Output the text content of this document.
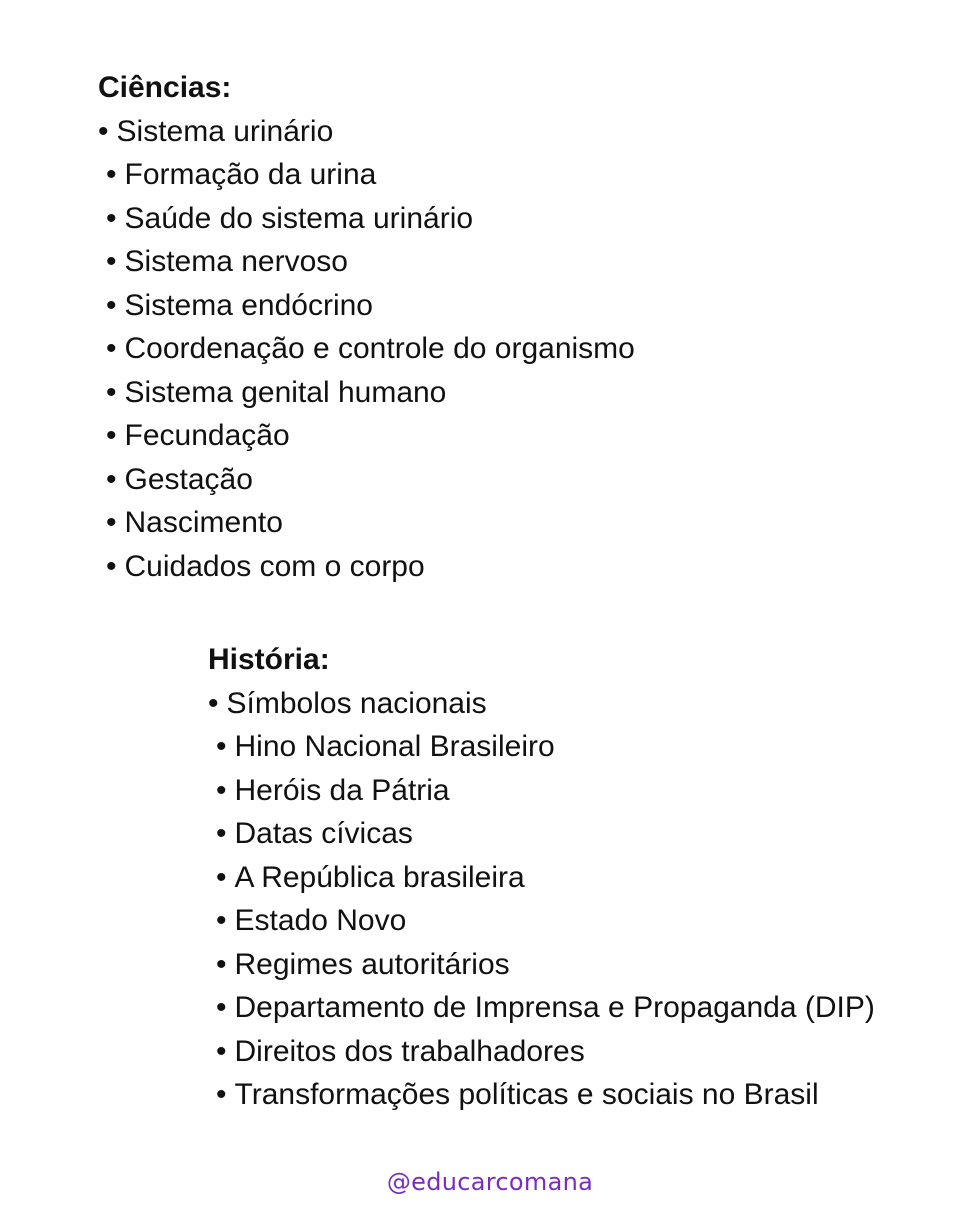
Ciências:
• Sistema urinário
• Formação da urina
• Saúde do sistema urinário
• Sistema nervoso
• Sistema endócrino
• Coordenação e controle do organismo
• Sistema genital humano
• Fecundação
• Gestação
• Nascimento
• Cuidados com o corpo
História:
• Símbolos nacionais
• Hino Nacional Brasileiro
• Heróis da Pátria
• Datas cívicas
• A República brasileira
• Estado Novo
• Regimes autoritários
• Departamento de Imprensa e Propaganda (DIP)
• Direitos dos trabalhadores
• Transformações políticas e sociais no Brasil
@educarcomana
